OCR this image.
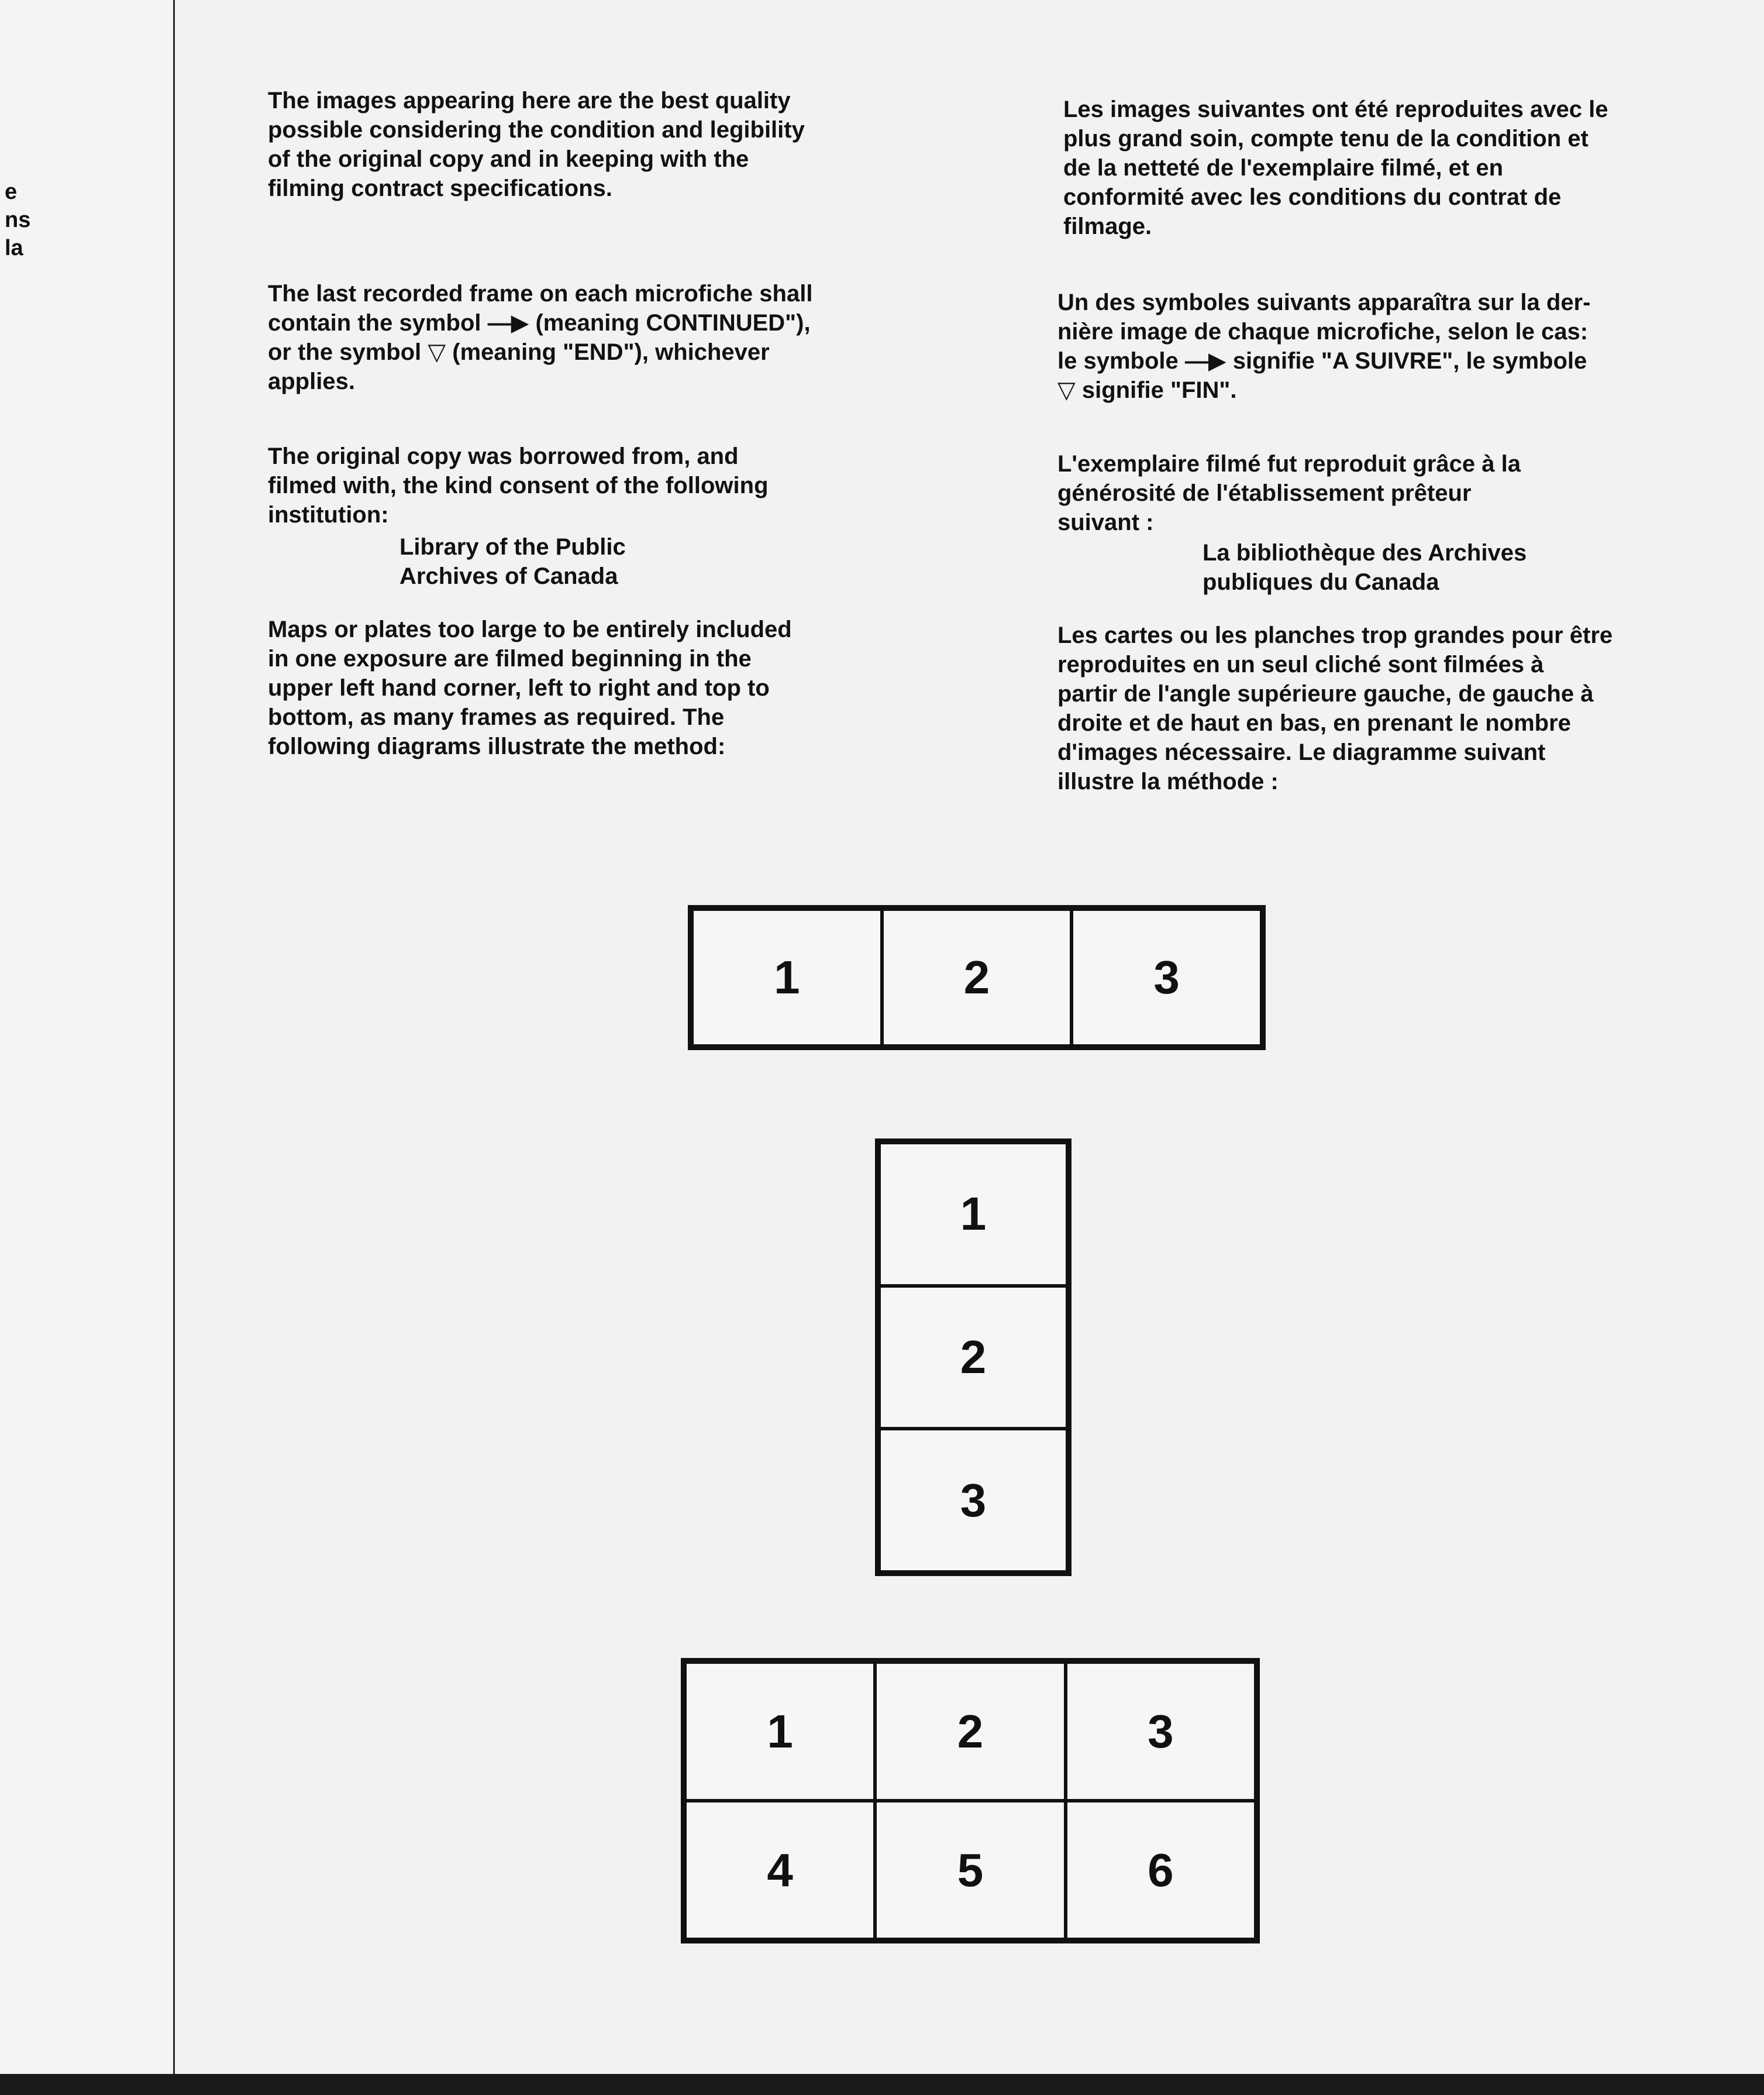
e
ns
la

The images appearing here are the best quality
possible considering the condition and legibility
of the original copy and in keeping with the
filming contract specifications.

The last recorded frame on each microfiche shall
contain the symbol —▶ (meaning CONTINUED"),
or the symbol ▽ (meaning "END"), whichever
applies.

The original copy was borrowed from, and
filmed with, the kind consent of the following
institution:

Library of the Public
Archives of Canada

Maps or plates too large to be entirely included
in one exposure are filmed beginning in the
upper left hand corner, left to right and top to
bottom, as many frames as required. The
following diagrams illustrate the method:

Les images suivantes ont été reproduites avec le
plus grand soin, compte tenu de la condition et
de la netteté de l'exemplaire filmé, et en
conformité avec les conditions du contrat de
filmage.

Un des symboles suivants apparaîtra sur la der-
nière image de chaque microfiche, selon le cas:
le symbole —▶ signifie "A SUIVRE", le symbole
▽ signifie "FIN".

L'exemplaire filmé fut reproduit grâce à la
générosité de l'établissement prêteur
suivant :

La bibliothèque des Archives
publiques du Canada

Les cartes ou les planches trop grandes pour être
reproduites en un seul cliché sont filmées à
partir de l'angle supérieure gauche, de gauche à
droite et de haut en bas, en prenant le nombre
d'images nécessaire. Le diagramme suivant
illustre la méthode :

1	2	3
1
2
3
1	2	3
4	5	6
